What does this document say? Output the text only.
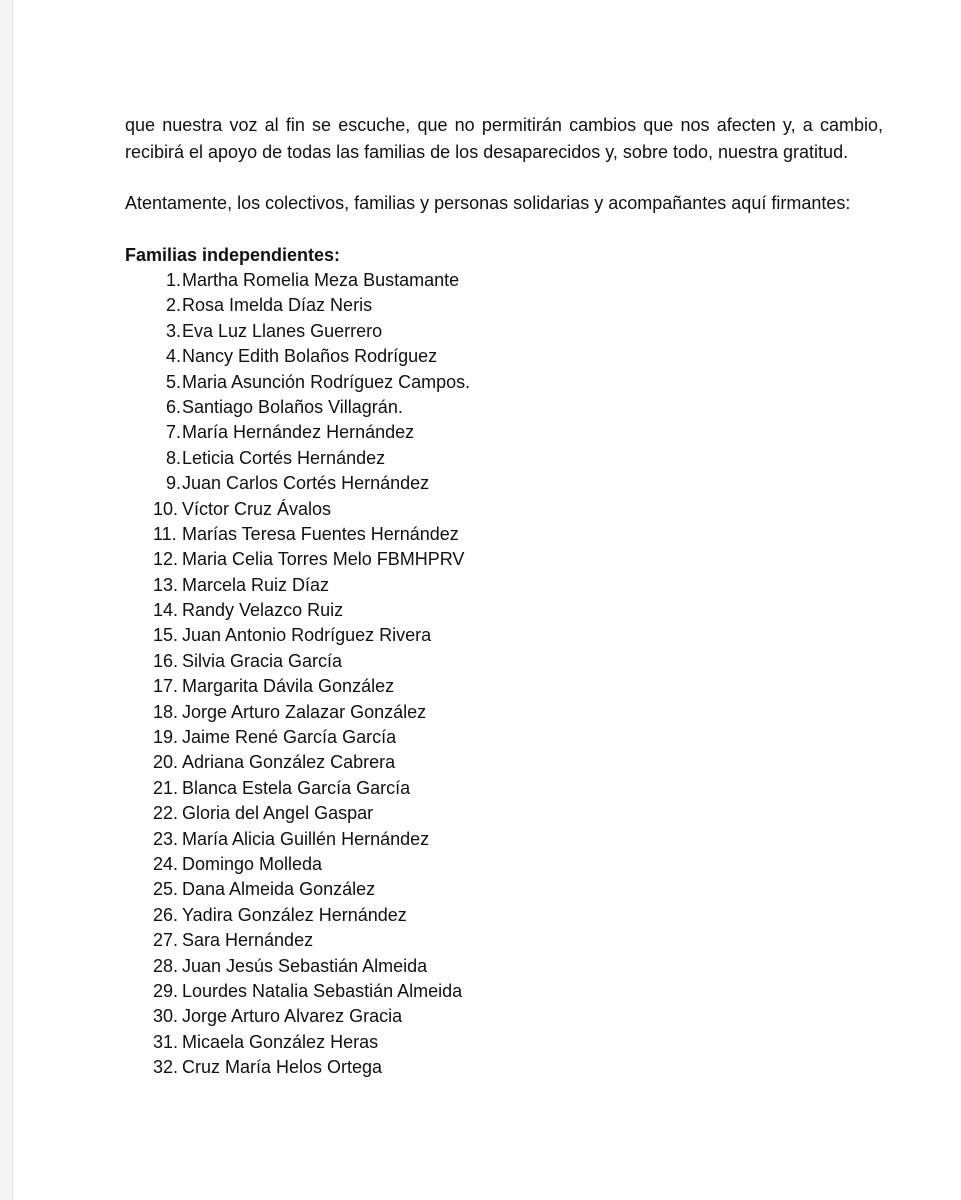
que nuestra voz al fin se escuche, que no permitirán cambios que nos afecten y, a cambio, recibirá el apoyo de todas las familias de los desaparecidos y, sobre todo, nuestra gratitud.

Atentamente, los colectivos, familias y personas solidarias y acompañantes aquí firmantes:

Familias independientes:
1. Martha Romelia Meza Bustamante
2. Rosa Imelda Díaz Neris
3. Eva Luz Llanes Guerrero
4. Nancy Edith Bolaños Rodríguez
5. Maria Asunción Rodríguez Campos.
6. Santiago Bolaños Villagrán.
7. María Hernández Hernández
8. Leticia Cortés Hernández
9. Juan Carlos Cortés Hernández
10. Víctor Cruz Ávalos
11. Marías Teresa Fuentes Hernández
12. Maria Celia Torres Melo FBMHPRV
13. Marcela Ruiz Díaz
14. Randy Velazco Ruiz
15. Juan Antonio Rodríguez Rivera
16. Silvia Gracia García
17. Margarita Dávila González
18. Jorge Arturo Zalazar González
19. Jaime René García García
20. Adriana González Cabrera
21. Blanca Estela García García
22. Gloria del Angel Gaspar
23. María Alicia Guillén Hernández
24. Domingo Molleda
25. Dana Almeida González
26. Yadira González Hernández
27. Sara Hernández
28. Juan Jesús Sebastián Almeida
29. Lourdes Natalia Sebastián Almeida
30. Jorge Arturo Alvarez Gracia
31. Micaela González Heras
32. Cruz María Helos Ortega
